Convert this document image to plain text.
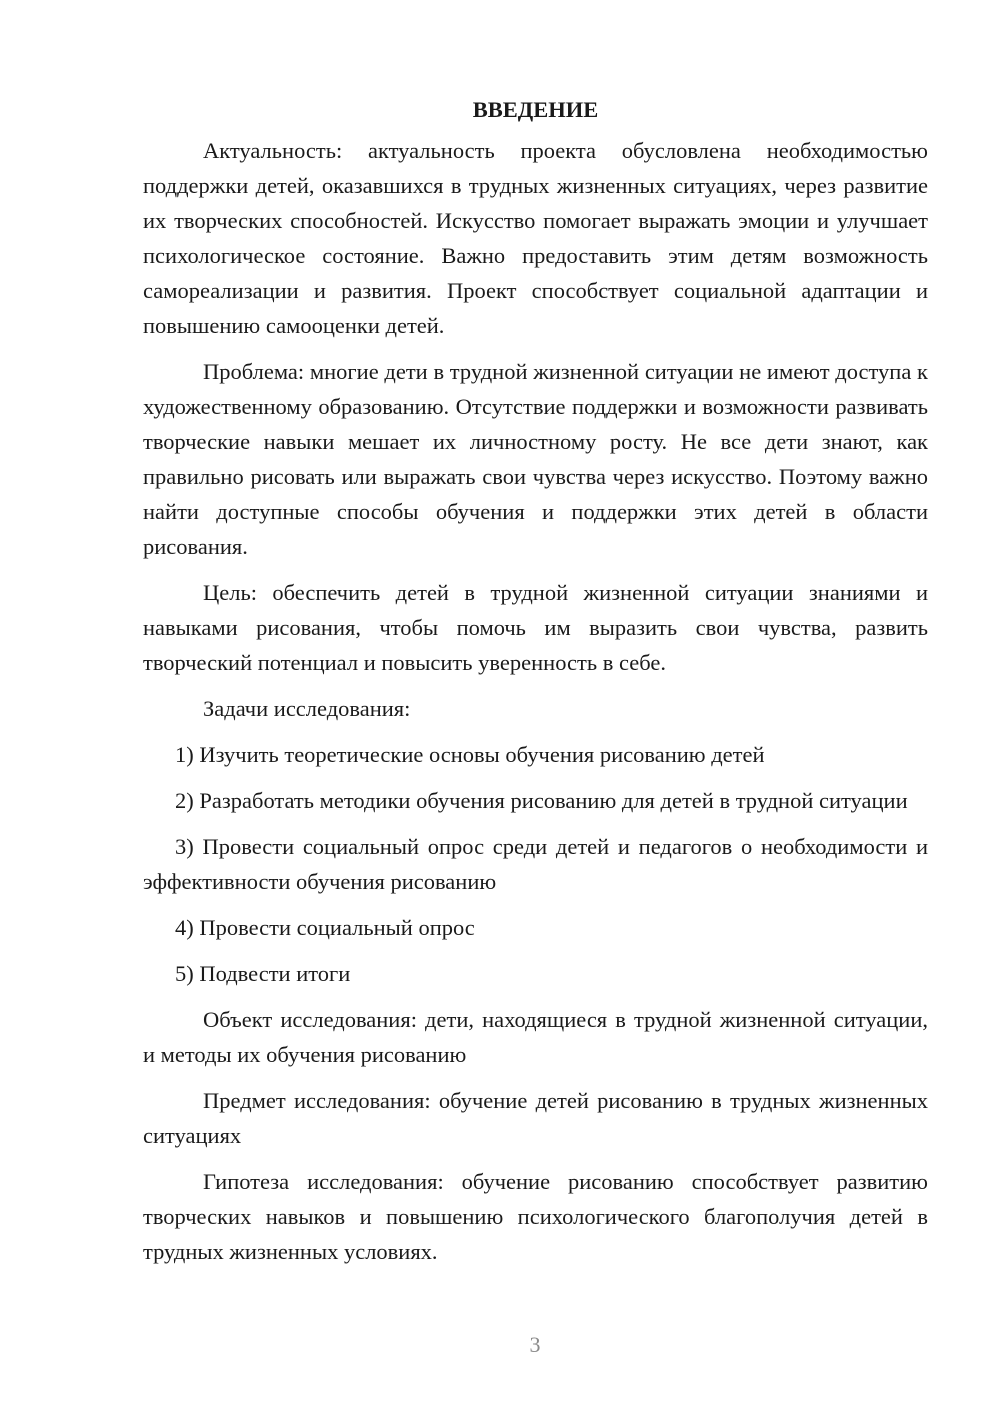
ВВЕДЕНИЕ

Актуальность: актуальность проекта обусловлена необходимостью поддержки детей, оказавшихся в трудных жизненных ситуациях, через развитие их творческих способностей. Искусство помогает выражать эмоции и улучшает психологическое состояние. Важно предоставить этим детям возможность самореализации и развития. Проект способствует социальной адаптации и повышению самооценки детей.

Проблема: многие дети в трудной жизненной ситуации не имеют доступа к художественному образованию. Отсутствие поддержки и возможности развивать творческие навыки мешает их личностному росту. Не все дети знают, как правильно рисовать или выражать свои чувства через искусство. Поэтому важно найти доступные способы обучения и поддержки этих детей в области рисования.

Цель: обеспечить детей в трудной жизненной ситуации знаниями и навыками рисования, чтобы помочь им выразить свои чувства, развить творческий потенциал и повысить уверенность в себе.

Задачи исследования:

1) Изучить теоретические основы обучения рисованию детей

2) Разработать методики обучения рисованию для детей в трудной ситуации

3) Провести социальный опрос среди детей и педагогов о необходимости и эффективности обучения рисованию

4) Провести социальный опрос

5) Подвести итоги

Объект исследования: дети, находящиеся в трудной жизненной ситуации, и методы их обучения рисованию

Предмет исследования: обучение детей рисованию в трудных жизненных ситуациях

Гипотеза исследования: обучение рисованию способствует развитию творческих навыков и повышению психологического благополучия детей в трудных жизненных условиях.

3
